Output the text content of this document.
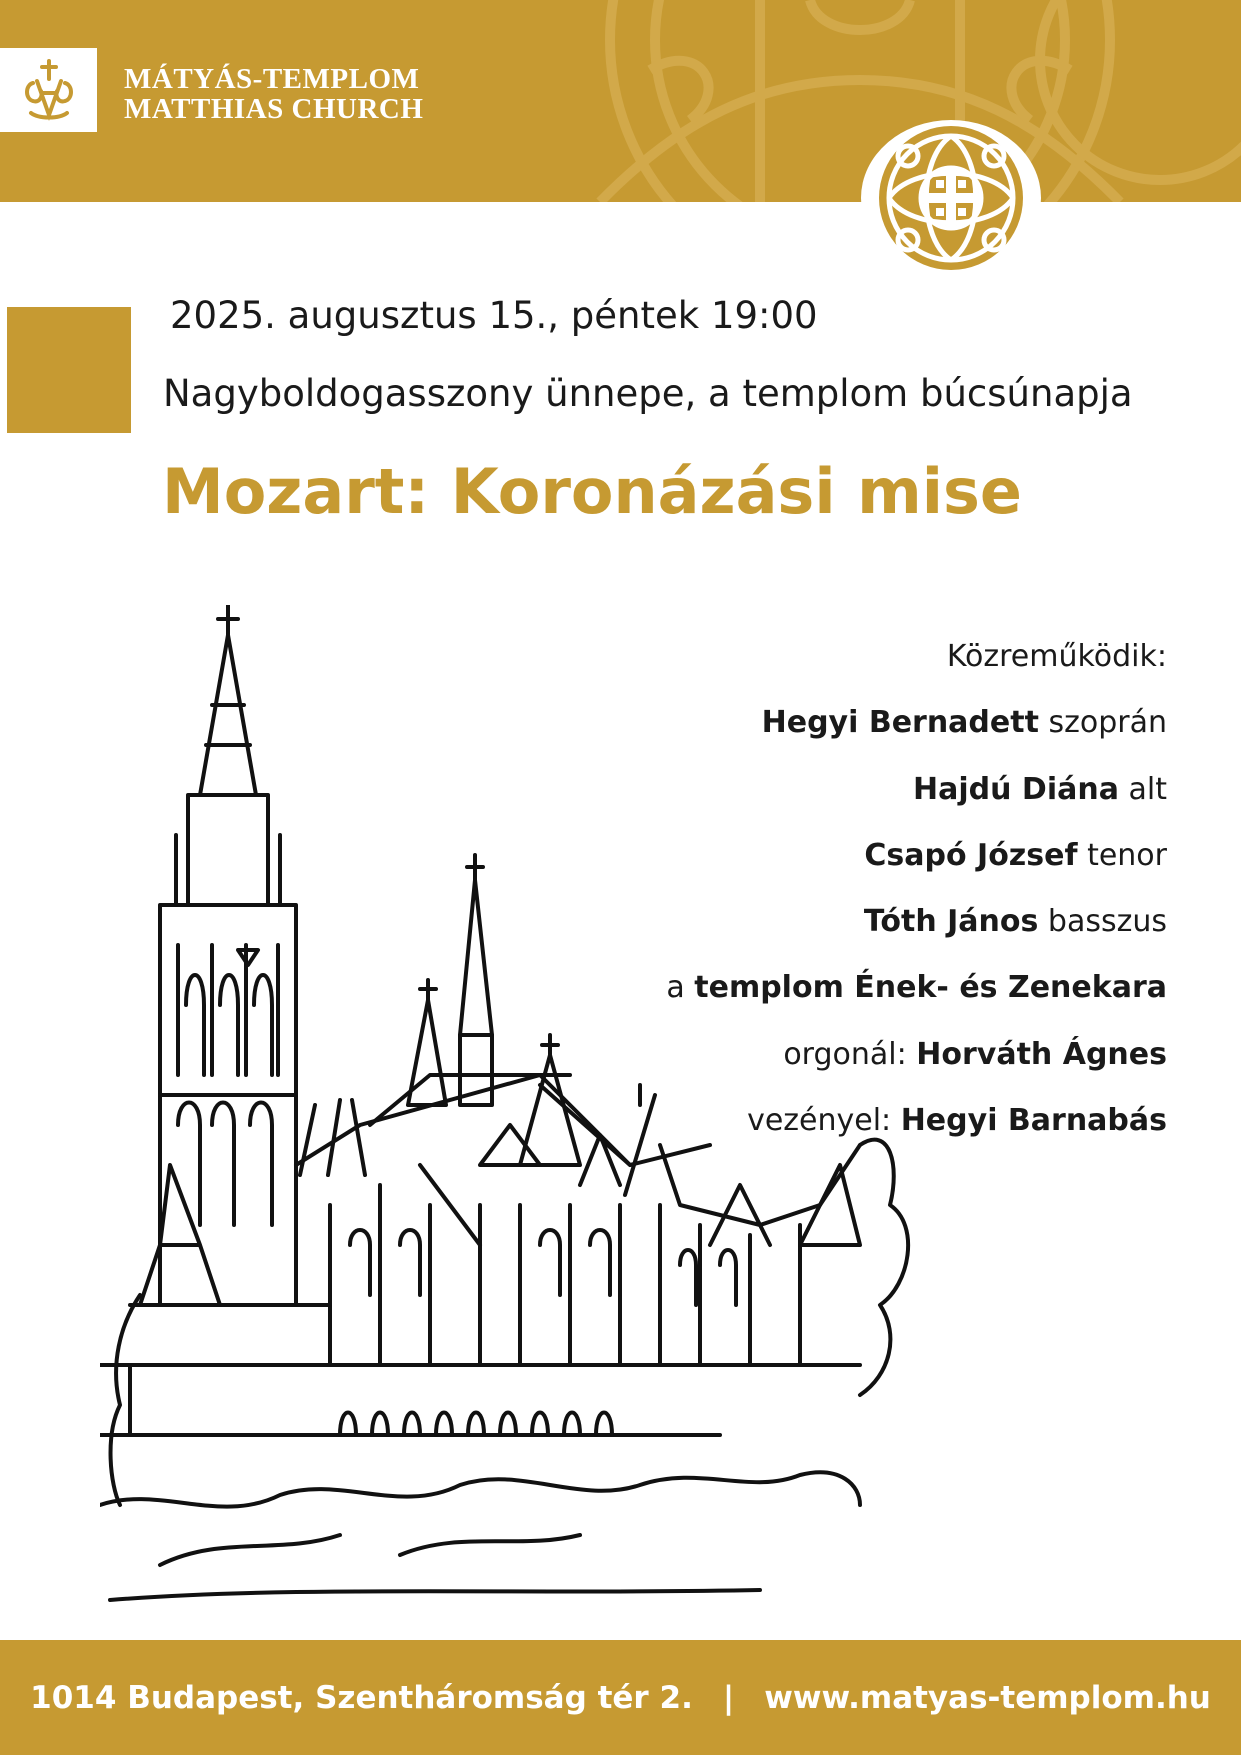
MÁTYÁS-TEMPLOM
MATTHIAS CHURCH
2025. augusztus 15., péntek 19:00
Nagyboldogasszony ünnepe, a templom búcsúnapja
Mozart: Koronázási mise
Közreműködik:
Hegyi Bernadett szoprán
Hajdú Diána alt
Csapó József tenor
Tóth János basszus
a templom Ének- és Zenekara
orgonál: Horváth Ágnes
vezényel: Hegyi Barnabás
1014 Budapest, Szentháromság tér 2. | www.matyas-templom.hu
